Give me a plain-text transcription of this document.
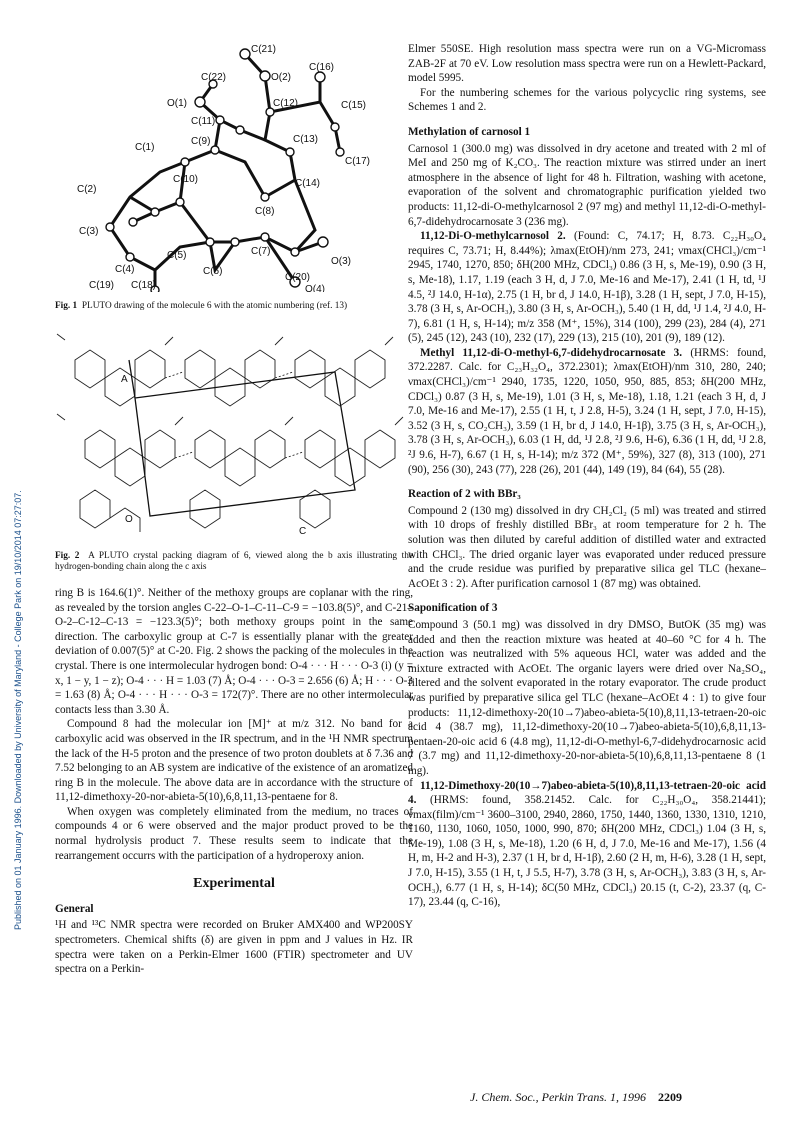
Published on 01 January 1996. Downloaded by University of Maryland - College Park on 19/10/2014 07:27:07.
C(21)
O(2)
C(16)
C(22)
O(1)
C(11)
C(12)	C(15)
C(13)
C(1)
C(9)
C(17)
C(2)
C(10)	C(14)
C(8)
C(3)
C(7)
O(3)
C(4)
C(5)
C(6)
C(20)
C(19) C(18)	O(4)
Fig. 1 PLUTO drawing of the molecule 6 with the atomic numbering (ref. 13)
A
O
C
Fig. 2 A PLUTO crystal packing diagram of 6, viewed along the b axis illustrating the hydrogen-bonding chain along the c axis

ring B is 164.6(1)°. Neither of the methoxy groups are coplanar with the ring, as revealed by the torsion angles C-22–O-1–C-11–C-9 = −103.8(5)°, and C-21–O-2–C-12–C-13 = −123.3(5)°; both methoxy groups point in the same direction. The carboxylic group at C-7 is essentially planar with the greater deviation of 0.007(5)° at C-20. Fig. 2 shows the packing of the molecules in the crystal. There is one intermolecular hydrogen bond: O-4 · · · H · · · O-3 (i) (y = x, 1 − y, 1 − z); O-4 · · · H = 1.03 (7) Å; O-4 · · · O-3 = 2.656 (6) Å; H · · · O-3 = 1.63 (8) Å; O-4 · · · H · · · O-3 = 172(7)°. There are no other intermolecular contacts less than 3.30 Å.

Compound 8 had the molecular ion [M]⁺ at m/z 312. No band for a carboxylic acid was observed in the IR spectrum, and in the ¹H NMR spectrum the lack of the H-5 proton and the presence of two proton doublets at δ 7.36 and 7.52 belonging to an AB system are indicative of the existence of an aromatized ring B in the molecule. The above data are in accordance with the structure of 11,12-dimethoxy-20-nor-abieta-5(10),6,8,11,13-pentaene for 8.

When oxygen was completely eliminated from the medium, no traces of compounds 4 or 6 were observed and the major product proved to be the normal hydrolysis product 7. These results seem to indicate that the rearrangement occurrs with the participation of a hydroperoxy anion.

Experimental
General

¹H and ¹³C NMR spectra were recorded on Bruker AMX400 and WP200SY spectrometers. Chemical shifts (δ) are given in ppm and J values in Hz. IR spectra were taken on a Perkin-Elmer 1600 (FTIR) spectrometer and UV spectra on a Perkin-

Elmer 550SE. High resolution mass spectra were run on a VG-Micromass ZAB-2F at 70 eV. Low resolution mass spectra were run on a Hewlett-Packard, model 5995.

For the numbering schemes for the various polycyclic ring systems, see Schemes 1 and 2.

Methylation of carnosol 1

Carnosol 1 (300.0 mg) was dissolved in dry acetone and treated with 2 ml of MeI and 250 mg of K₂CO₃. The reaction mixture was stirred under an inert atmosphere in the absence of light for 48 h. Filtration, washing with acetone, evaporation of the solvent and chromatographic purification yielded two products: 11,12-di-O-methylcarnosol 2 (97 mg) and methyl 11,12-di-O-methyl-6,7-didehydrocarnosate 3 (236 mg).

11,12-Di-O-methylcarnosol 2. (Found: C, 74.17; H, 8.73. C₂₂H₃₀O₄ requires C, 73.71; H, 8.44%); λmax(EtOH)/nm 273, 241; νmax(CHCl₃)/cm⁻¹ 2945, 1740, 1270, 850; δH(200 MHz, CDCl₃) 0.86 (3 H, s, Me-19), 0.90 (3 H, s, Me-18), 1.17, 1.19 (each 3 H, d, J 7.0, Me-16 and Me-17), 2.41 (1 H, td, ¹J 4.5, ²J 14.0, H-1α), 2.75 (1 H, br d, J 14.0, H-1β), 3.28 (1 H, sept, J 7.0, H-15), 3.78 (3 H, s, Ar-OCH₃), 3.80 (3 H, s, Ar-OCH₃), 5.40 (1 H, dd, ¹J 1.4, ²J 4.0, H-7), 6.81 (1 H, s, H-14); m/z 358 (M⁺, 15%), 314 (100), 299 (23), 284 (4), 271 (5), 245 (12), 243 (10), 232 (17), 229 (13), 215 (10), 201 (9), 189 (12).

Methyl 11,12-di-O-methyl-6,7-didehydrocarnosate 3. (HRMS: found, 372.2287. Calc. for C₂₃H₃₂O₄, 372.2301); λmax(EtOH)/nm 310, 280, 240; νmax(CHCl₃)/cm⁻¹ 2940, 1735, 1220, 1050, 950, 885, 853; δH(200 MHz, CDCl₃) 0.87 (3 H, s, Me-19), 1.01 (3 H, s, Me-18), 1.18, 1.21 (each 3 H, d, J 7.0, Me-16 and Me-17), 2.55 (1 H, t, J 2.8, H-5), 3.24 (1 H, sept, J 7.0, H-15), 3.52 (3 H, s, CO₂CH₃), 3.59 (1 H, br d, J 14.0, H-1β), 3.75 (3 H, s, Ar-OCH₃), 3.78 (3 H, s, Ar-OCH₃), 6.03 (1 H, dd, ¹J 2.8, ²J 9.6, H-6), 6.36 (1 H, dd, ¹J 2.8, ²J 9.6, H-7), 6.67 (1 H, s, H-14); m/z 372 (M⁺, 59%), 327 (8), 313 (100), 271 (90), 256 (30), 243 (77), 228 (26), 201 (44), 149 (19), 84 (64), 55 (28).

Reaction of 2 with BBr₃

Compound 2 (130 mg) dissolved in dry CH₂Cl₂ (5 ml) was treated and stirred with 10 drops of freshly distilled BBr₃ at room temperature for 2 h. The solution was then diluted by careful addition of distilled water and extracted with CHCl₃. The dried organic layer was evaporated under reduced pressure and the crude residue was purified by preparative silica gel TLC (hexane–AcOEt 3 : 2). After purification carnosol 1 (87 mg) was obtained.

Saponification of 3

Compound 3 (50.1 mg) was dissolved in dry DMSO, ButOK (35 mg) was added and then the reaction mixture was heated at 40–60 °C for 4 h. The reaction was neutralized with 5% aqueous HCl, water was added and the mixture extracted with AcOEt. The organic layers were dried over Na₂SO₄, filtered and the solvent evaporated in the rotary evaporator. The crude product was purified by preparative silica gel TLC (hexane–AcOEt 4 : 1) to give four products: 11,12-dimethoxy-20(10→7)abeo-abieta-5(10),8,11,13-tetraen-20-oic acid 4 (38.7 mg), 11,12-dimethoxy-20(10→7)abeo-abieta-5(10),6,8,11,13-pentaen-20-oic acid 6 (4.8 mg), 11,12-di-O-methyl-6,7-didehydrocarnosic acid 7 (3.7 mg) and 11,12-dimethoxy-20-nor-abieta-5(10),6,8,11,13-pentaene 8 (1 mg).

11,12-Dimethoxy-20(10→7)abeo-abieta-5(10),8,11,13-tetraen-20-oic acid 4. (HRMS: found, 358.21452. Calc. for C₂₂H₃₀O₄, 358.21441); νmax(film)/cm⁻¹ 3600–3100, 2940, 2860, 1750, 1440, 1360, 1330, 1310, 1210, 1160, 1130, 1060, 1050, 1000, 990, 870; δH(200 MHz, CDCl₃) 1.04 (3 H, s, Me-19), 1.08 (3 H, s, Me-18), 1.20 (6 H, d, J 7.0, Me-16 and Me-17), 1.56 (4 H, m, H-2 and H-3), 2.37 (1 H, br d, H-1β), 2.60 (2 H, m, H-6), 3.28 (1 H, sept, J 7.0, H-15), 3.55 (1 H, t, J 5.5, H-7), 3.78 (3 H, s, Ar-OCH₃), 3.83 (3 H, s, Ar-OCH₃), 6.77 (1 H, s, H-14); δC(50 MHz, CDCl₃) 20.15 (t, C-2), 23.37 (q, C-17), 23.44 (q, C-16),

J. Chem. Soc., Perkin Trans. 1, 1996 2209
